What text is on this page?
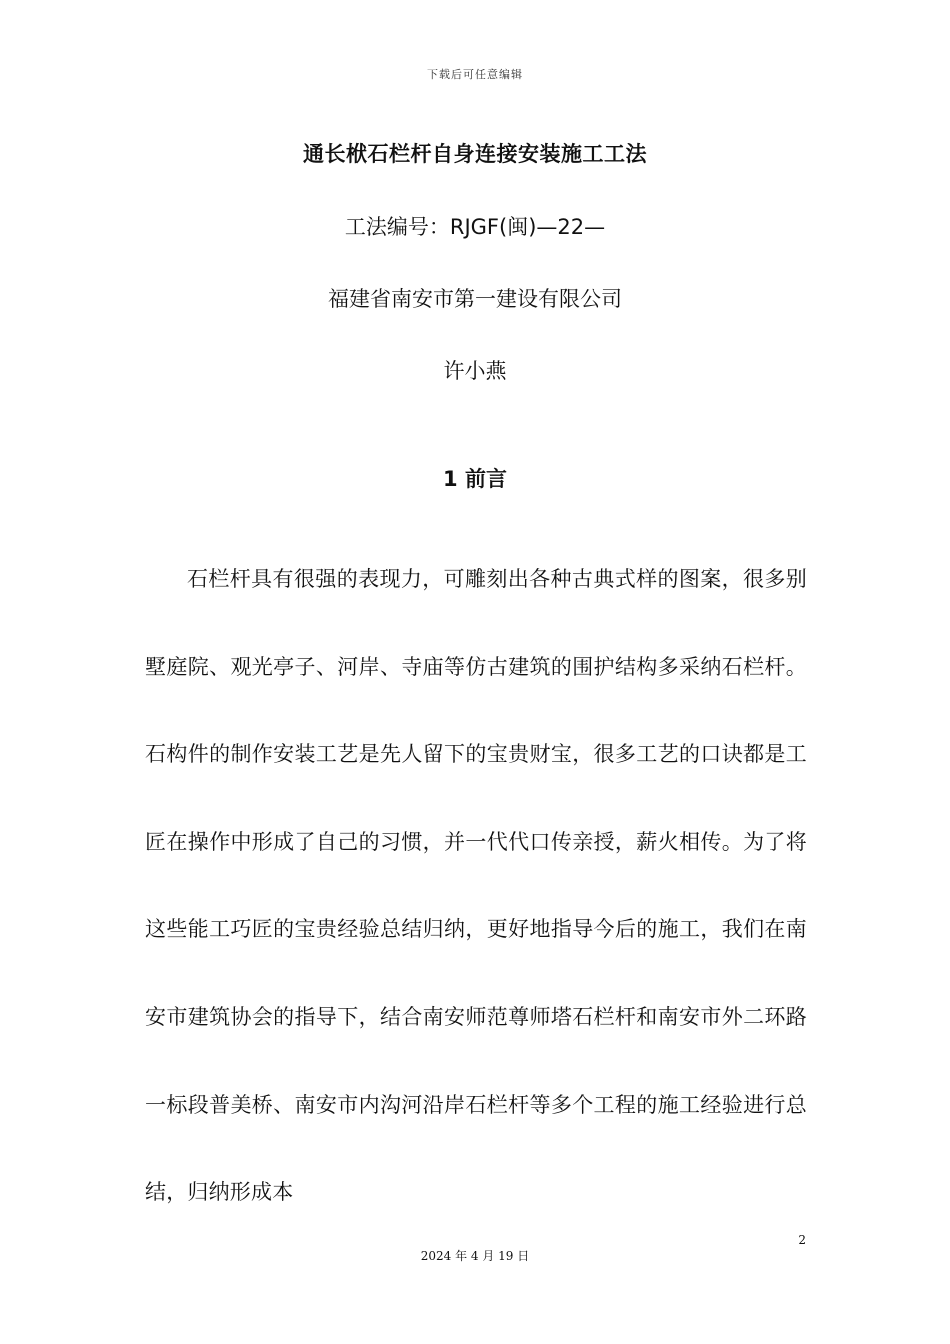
下载后可任意编辑
通长栿石栏杆自身连接安装施工工法
工法编号：RJGF(闽)—22—
福建省南安市第一建设有限公司
许小燕
1 前言

石栏杆具有很强的表现力，可雕刻出各种古典式样的图案，很多别墅庭院、观光亭子、河岸、寺庙等仿古建筑的围护结构多采纳石栏杆。石构件的制作安装工艺是先人留下的宝贵财宝，很多工艺的口诀都是工匠在操作中形成了自己的习惯，并一代代口传亲授，薪火相传。为了将这些能工巧匠的宝贵经验总结归纳，更好地指导今后的施工，我们在南安市建筑协会的指导下，结合南安师范尊师塔石栏杆和南安市外二环路一标段普美桥、南安市内沟河沿岸石栏杆等多个工程的施工经验进行总结，归纳形成本

2
2024 年 4 月 19 日
